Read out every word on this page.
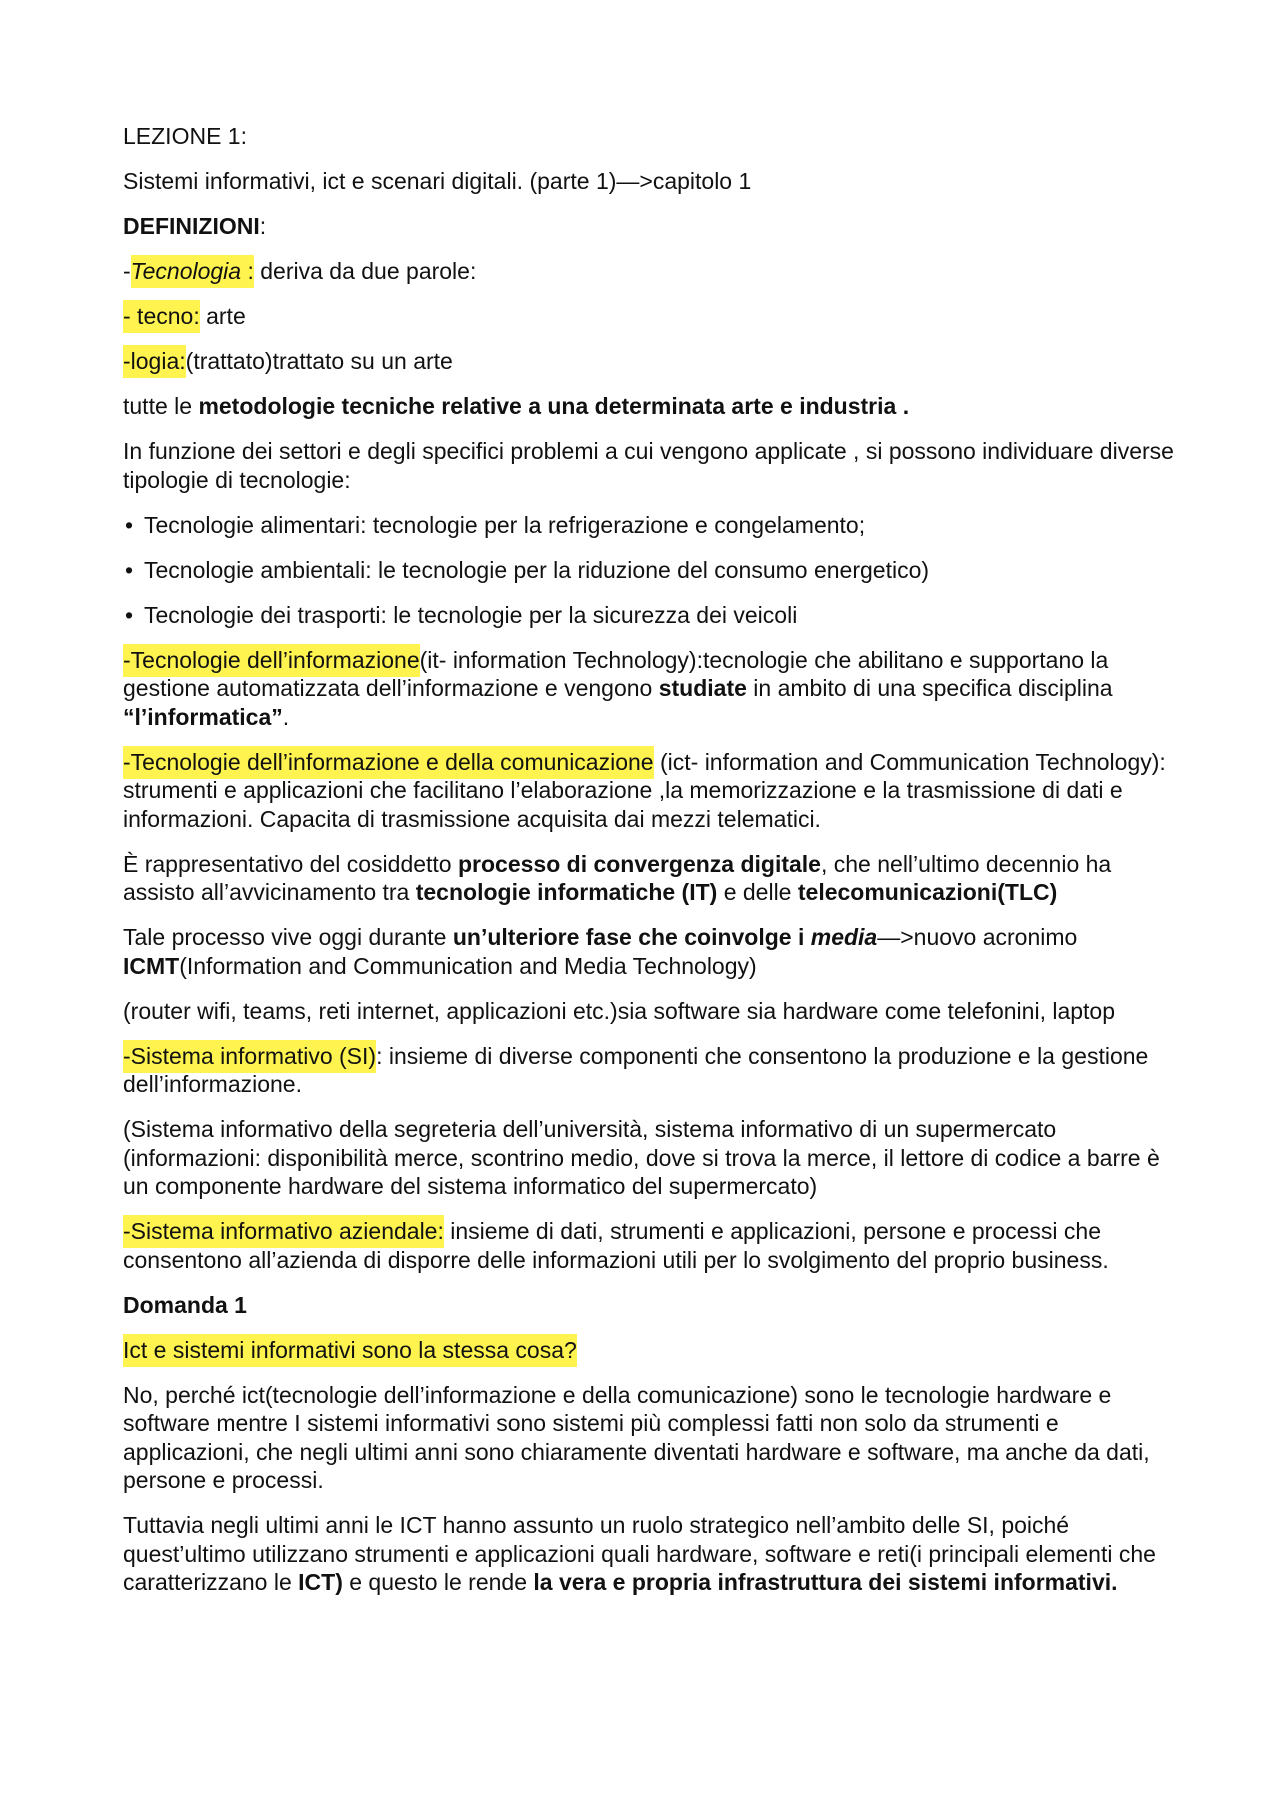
LEZIONE 1:

Sistemi informativi, ict e scenari digitali. (parte 1)—>capitolo 1

DEFINIZIONI:

-Tecnologia : deriva da due parole:

- tecno: arte

-logia:(trattato)trattato su un arte

tutte le metodologie tecniche relative a una determinata arte e industria .

In funzione dei settori e degli specifici problemi a cui vengono applicate , si possono individuare diverse tipologie di tecnologie:

• Tecnologie alimentari: tecnologie per la refrigerazione e congelamento;
• Tecnologie ambientali: le tecnologie per la riduzione del consumo energetico)
• Tecnologie dei trasporti: le tecnologie per la sicurezza dei veicoli

-Tecnologie dell’informazione(it- information Technology):tecnologie che abilitano e supportano la gestione automatizzata dell’informazione e vengono studiate in ambito di una specifica disciplina “l’informatica”.

-Tecnologie dell’informazione e della comunicazione (ict- information and Communication Technology): strumenti e applicazioni che facilitano l’elaborazione ,la memorizzazione e la trasmissione di dati e informazioni. Capacita di trasmissione acquisita dai mezzi telematici.

È rappresentativo del cosiddetto processo di convergenza digitale, che nell’ultimo decennio ha assisto all’avvicinamento tra tecnologie informatiche (IT) e delle telecomunicazioni(TLC)

Tale processo vive oggi durante un’ulteriore fase che coinvolge i media—>nuovo acronimo ICMT(Information and Communication and Media Technology)

(router wifi, teams, reti internet, applicazioni etc.)sia software sia hardware come telefonini, laptop

-Sistema informativo (SI): insieme di diverse componenti che consentono la produzione e la gestione dell’informazione.

(Sistema informativo della segreteria dell’università, sistema informativo di un supermercato (informazioni: disponibilità merce, scontrino medio, dove si trova la merce, il lettore di codice a barre è un componente hardware del sistema informatico del supermercato)

-Sistema informativo aziendale: insieme di dati, strumenti e applicazioni, persone e processi che consentono all’azienda di disporre delle informazioni utili per lo svolgimento del proprio business.

Domanda 1

Ict e sistemi informativi sono la stessa cosa?

No, perché ict(tecnologie dell’informazione e della comunicazione) sono le tecnologie hardware e software mentre I sistemi informativi sono sistemi più complessi fatti non solo da strumenti e applicazioni, che negli ultimi anni sono chiaramente diventati hardware e software, ma anche da dati, persone e processi.

Tuttavia negli ultimi anni le ICT hanno assunto un ruolo strategico nell’ambito delle SI, poiché quest’ultimo utilizzano strumenti e applicazioni quali hardware, software e reti(i principali elementi che caratterizzano le ICT) e questo le rende la vera e propria infrastruttura dei sistemi informativi.
